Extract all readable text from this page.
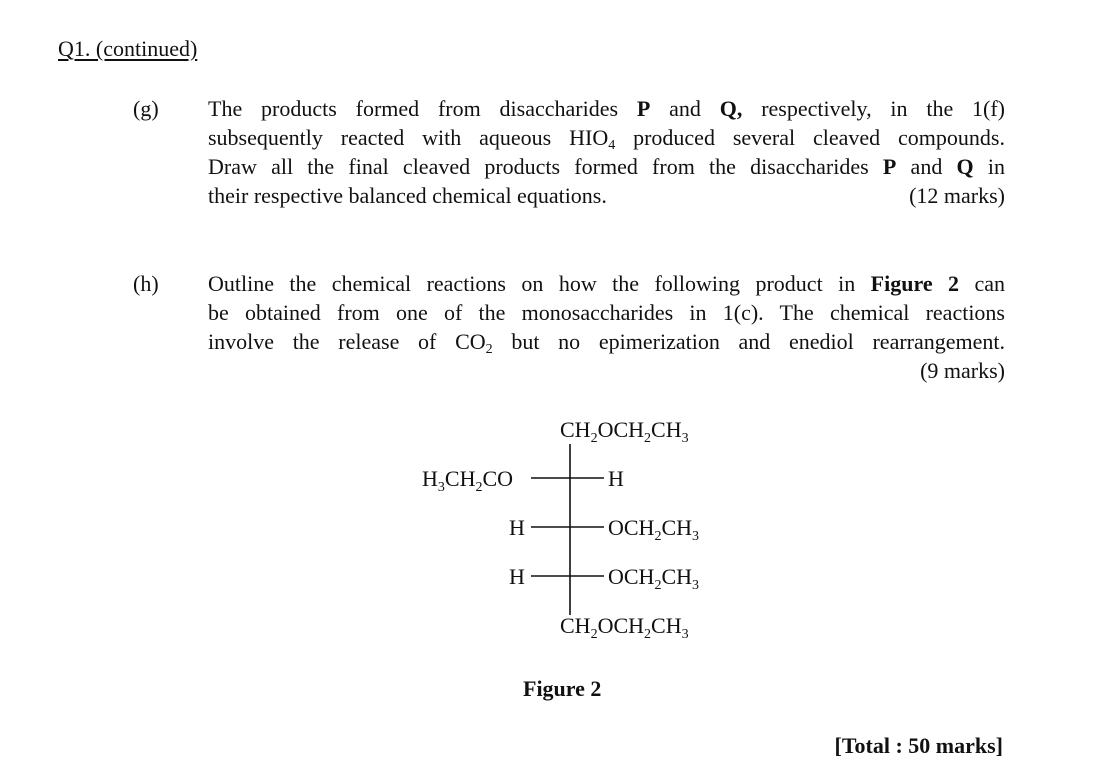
Q1. (continued)
(g) The products formed from disaccharides P and Q, respectively, in the 1(f)
subsequently reacted with aqueous $HIO_4$ produced several cleaved compounds.
Draw all the final cleaved products formed from the disaccharides P and Q in
their respective balanced chemical equations.	(12 marks)
(h) Outline the chemical reactions on how the following product in Figure 2 can
be obtained from one of the monosaccharides in 1(c). The chemical reactions
involve the release of $CO_2$ but no epimerization and enediol rearrangement.
(9 marks)
$CH_2OCH_2CH_3$
$H_3CH_2CO$	H
H	$OCH_2CH_3$
H	$OCH_2CH_3$
$CH_2OCH_2CH_3$
Figure 2
[Total : 50 marks]
